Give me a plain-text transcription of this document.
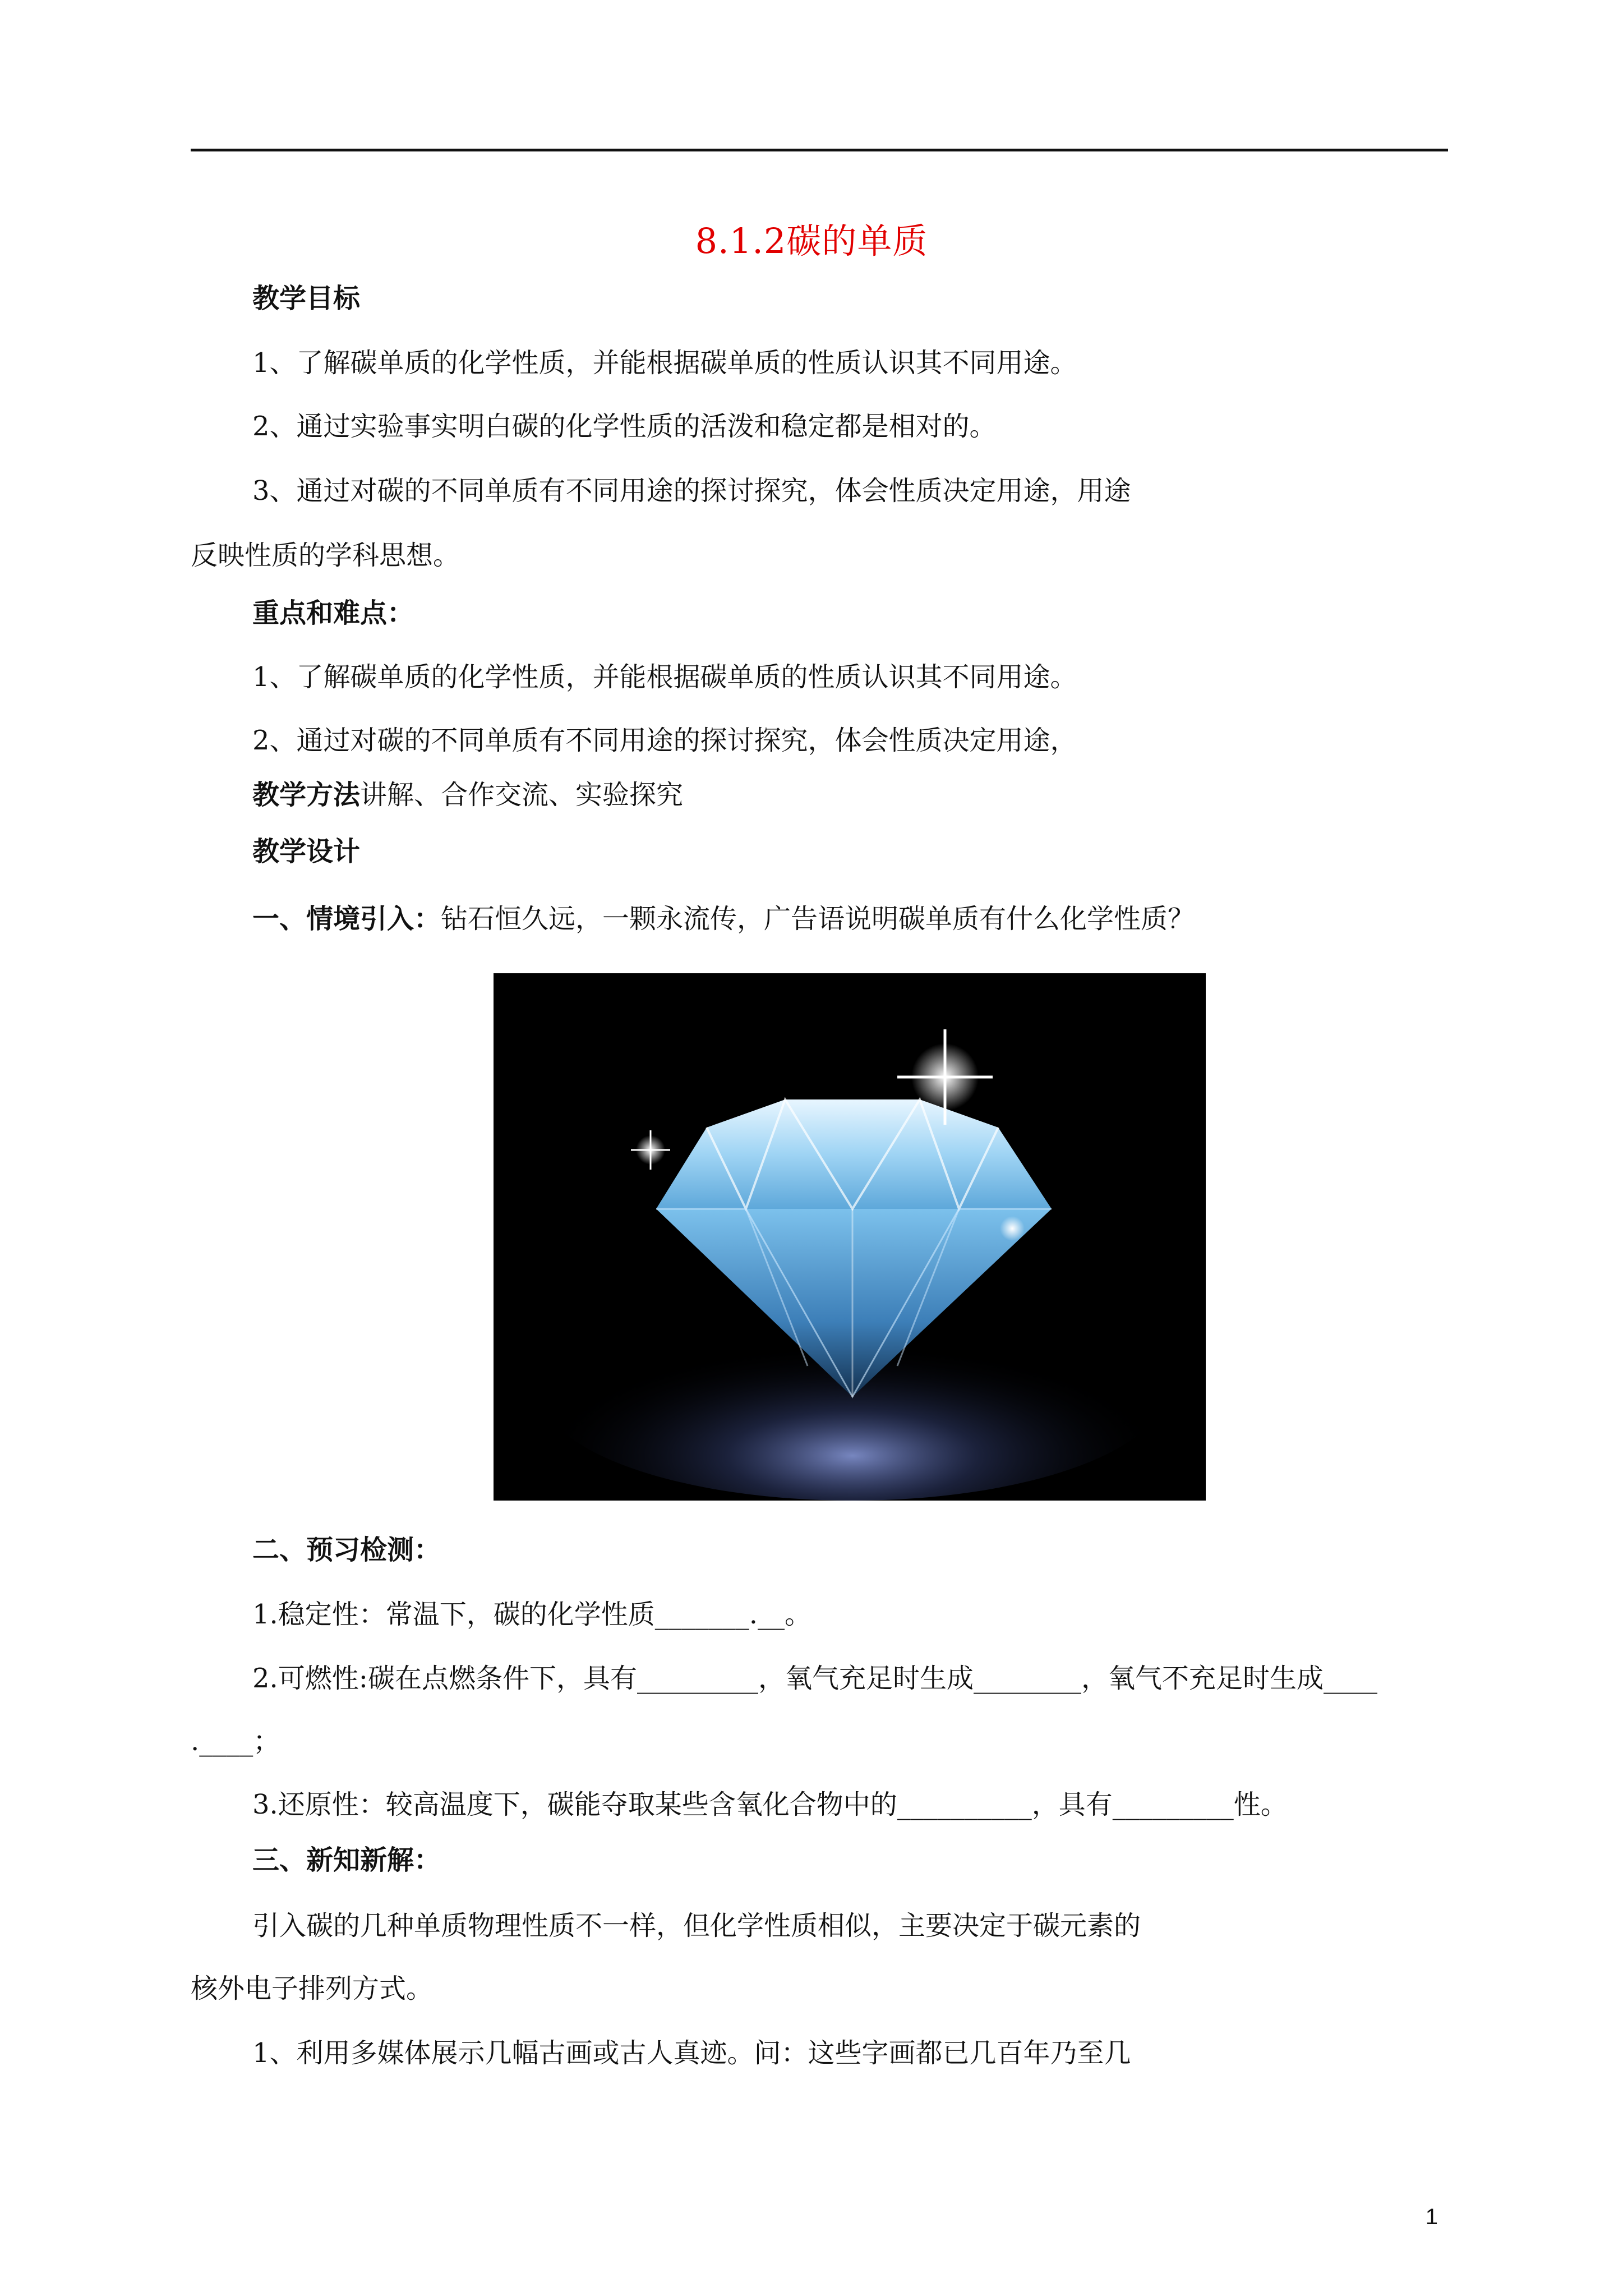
8.1.2碳的单质
教学目标
1、了解碳单质的化学性质，并能根据碳单质的性质认识其不同用途。
2、通过实验事实明白碳的化学性质的活泼和稳定都是相对的。
3、通过对碳的不同单质有不同用途的探讨探究，体会性质决定用途，用途
反映性质的学科思想。
重点和难点：
1、了解碳单质的化学性质，并能根据碳单质的性质认识其不同用途。
2、通过对碳的不同单质有不同用途的探讨探究，体会性质决定用途，
教学方法讲解、合作交流、实验探究
教学设计
一、情境引入：钻石恒久远，一颗永流传，广告语说明碳单质有什么化学性质？
二、预习检测：
1.稳定性：常温下，碳的化学性质_______.__。
2.可燃性:碳在点燃条件下，具有_________，氧气充足时生成________，氧气不充足时生成____
.____；
3.还原性：较高温度下，碳能夺取某些含氧化合物中的__________，具有_________性。
三、新知新解：
引入碳的几种单质物理性质不一样，但化学性质相似，主要决定于碳元素的
核外电子排列方式。
1、利用多媒体展示几幅古画或古人真迹。问：这些字画都已几百年乃至几
1
